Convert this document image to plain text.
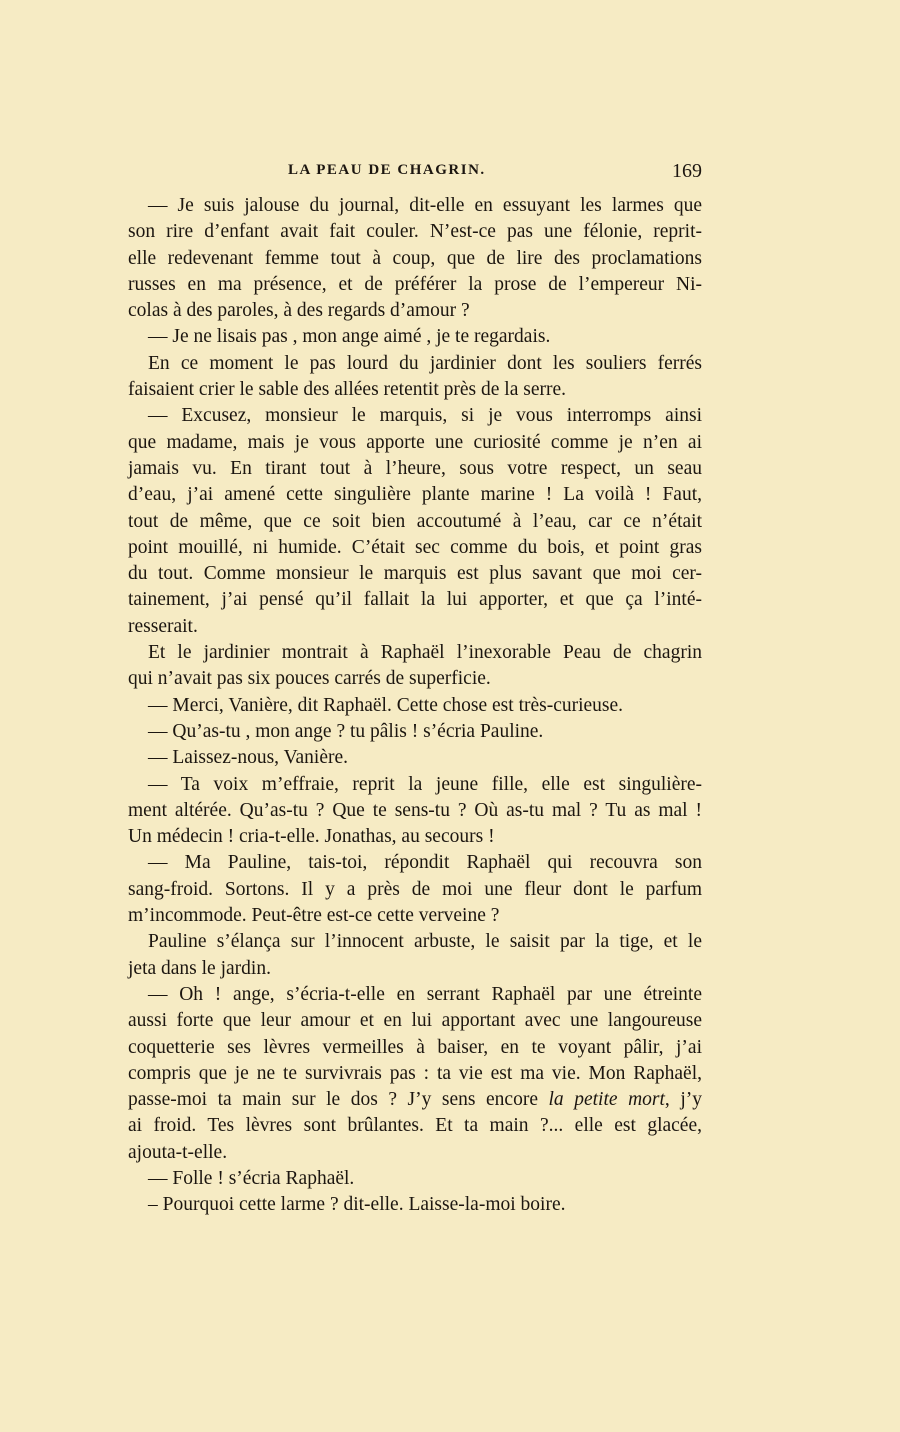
LA PEAU DE CHAGRIN.	169
— Je suis jalouse du journal, dit-elle en essuyant les larmes que
son rire d’enfant avait fait couler. N’est-ce pas une félonie, reprit-
elle redevenant femme tout à coup, que de lire des proclamations
russes en ma présence, et de préférer la prose de l’empereur Ni-
colas à des paroles, à des regards d’amour ?
— Je ne lisais pas , mon ange aimé , je te regardais.
En ce moment le pas lourd du jardinier dont les souliers ferrés
faisaient crier le sable des allées retentit près de la serre.
— Excusez, monsieur le marquis, si je vous interromps ainsi
que madame, mais je vous apporte une curiosité comme je n’en ai
jamais vu. En tirant tout à l’heure, sous votre respect, un seau
d’eau, j’ai amené cette singulière plante marine ! La voilà ! Faut,
tout de même, que ce soit bien accoutumé à l’eau, car ce n’était
point mouillé, ni humide. C’était sec comme du bois, et point gras
du tout. Comme monsieur le marquis est plus savant que moi cer-
tainement, j’ai pensé qu’il fallait la lui apporter, et que ça l’inté-
resserait.
Et le jardinier montrait à Raphaël l’inexorable Peau de chagrin
qui n’avait pas six pouces carrés de superficie.
— Merci, Vanière, dit Raphaël. Cette chose est très-curieuse.
— Qu’as-tu , mon ange ? tu pâlis ! s’écria Pauline.
— Laissez-nous, Vanière.
— Ta voix m’effraie, reprit la jeune fille, elle est singulière-
ment altérée. Qu’as-tu ? Que te sens-tu ? Où as-tu mal ? Tu as mal !
Un médecin ! cria-t-elle. Jonathas, au secours !
— Ma Pauline, tais-toi, répondit Raphaël qui recouvra son
sang-froid. Sortons. Il y a près de moi une fleur dont le parfum
m’incommode. Peut-être est-ce cette verveine ?
Pauline s’élança sur l’innocent arbuste, le saisit par la tige, et le
jeta dans le jardin.
— Oh ! ange, s’écria-t-elle en serrant Raphaël par une étreinte
aussi forte que leur amour et en lui apportant avec une langoureuse
coquetterie ses lèvres vermeilles à baiser, en te voyant pâlir, j’ai
compris que je ne te survivrais pas : ta vie est ma vie. Mon Raphaël,
passe-moi ta main sur le dos ? J’y sens encore la petite mort, j’y
ai froid. Tes lèvres sont brûlantes. Et ta main ?... elle est glacée,
ajouta-t-elle.
— Folle ! s’écria Raphaël.
– Pourquoi cette larme ? dit-elle. Laisse-la-moi boire.
